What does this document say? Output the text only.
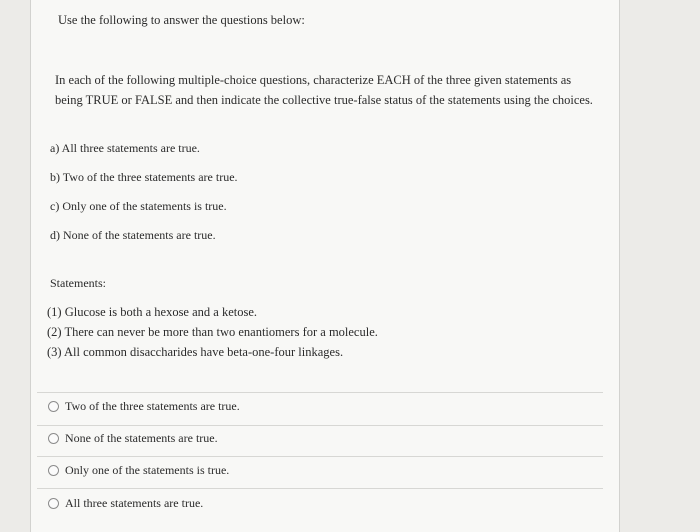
Use the following to answer the questions below:
In each of the following multiple-choice questions, characterize EACH of the three given statements as being TRUE or FALSE and then indicate the collective true-false status of the statements using the choices.
a) All three statements are true.
b) Two of the three statements are true.
c) Only one of the statements is true.
d) None of the statements are true.
Statements:
(1) Glucose is both a hexose and a ketose.
(2) There can never be more than two enantiomers for a molecule.
(3) All common disaccharides have beta-one-four linkages.
Two of the three statements are true.
None of the statements are true.
Only one of the statements is true.
All three statements are true.
